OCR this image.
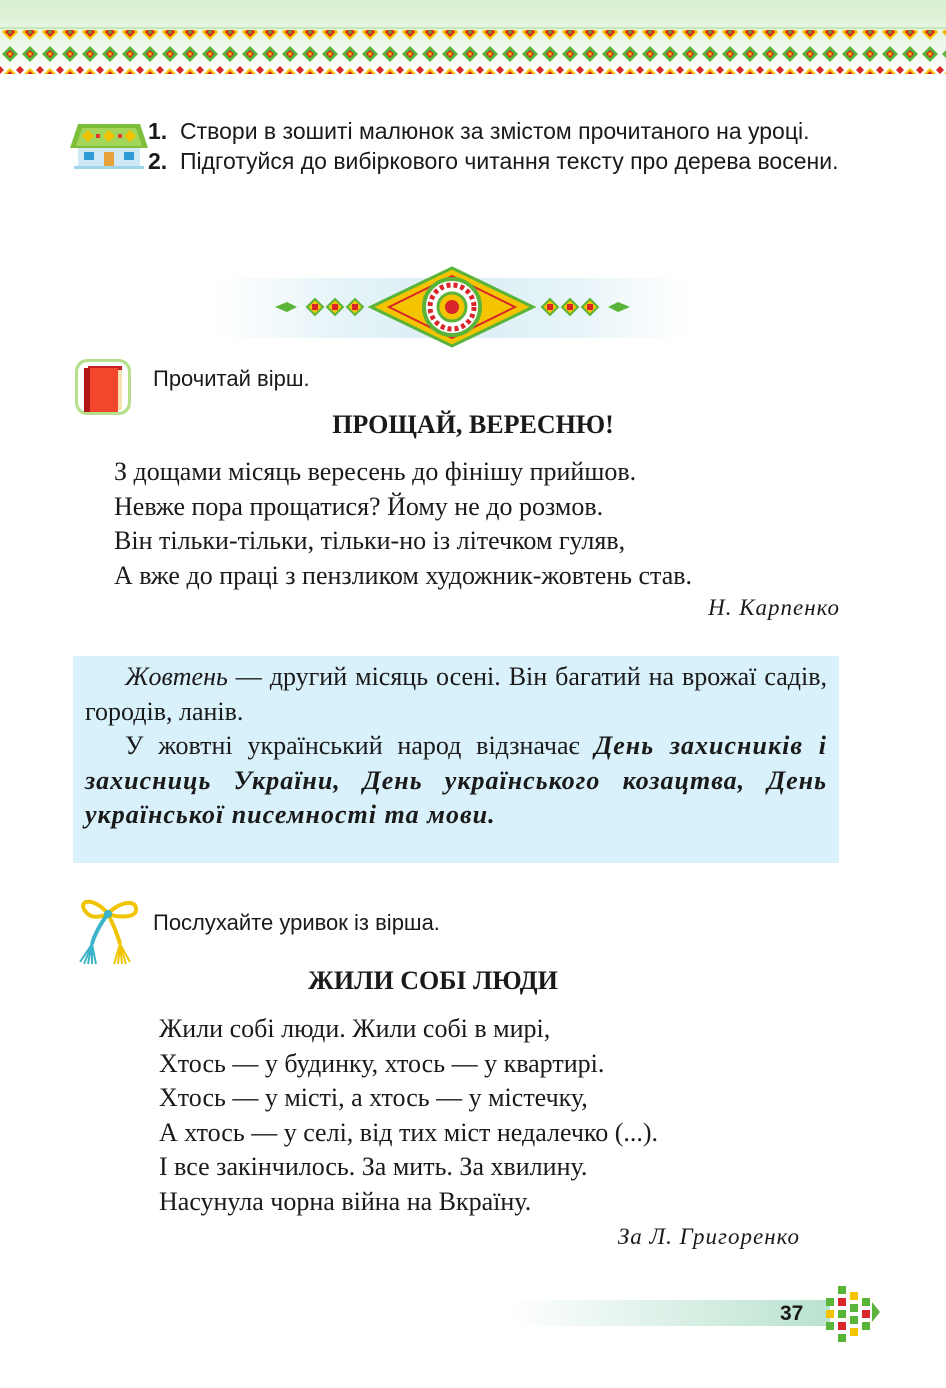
1. Створи в зошиті малюнок за змістом прочитаного на уроці.
2. Підготуйся до вибіркового читання тексту про дерева восени.
Прочитай вірш.
ПРОЩАЙ, ВЕРЕСНЮ!
З дощами місяць вересень до фінішу прийшов.
Невже пора прощатися? Йому не до розмов.
Він тільки-тільки, тільки-но із літечком гуляв,
А вже до праці з пензликом художник-жовтень став.
Н. Карпенко

Жовтень — другий місяць осені. Він багатий на врожаї садів, городів, ланів.

У жовтні український народ відзначає День захисників і захисниць України, День українського козацтва, День української писемності та мови.

Послухайте уривок із вірша.
ЖИЛИ СОБІ ЛЮДИ
Жили собі люди. Жили собі в мирі,
Хтось — у будинку, хтось — у квартирі.
Хтось — у місті, а хтось — у містечку,
А хтось — у селі, від тих міст недалечко (...).
І все закінчилось. За мить. За хвилину.
Насунула чорна війна на Вкраїну.
За Л. Григоренко
37
